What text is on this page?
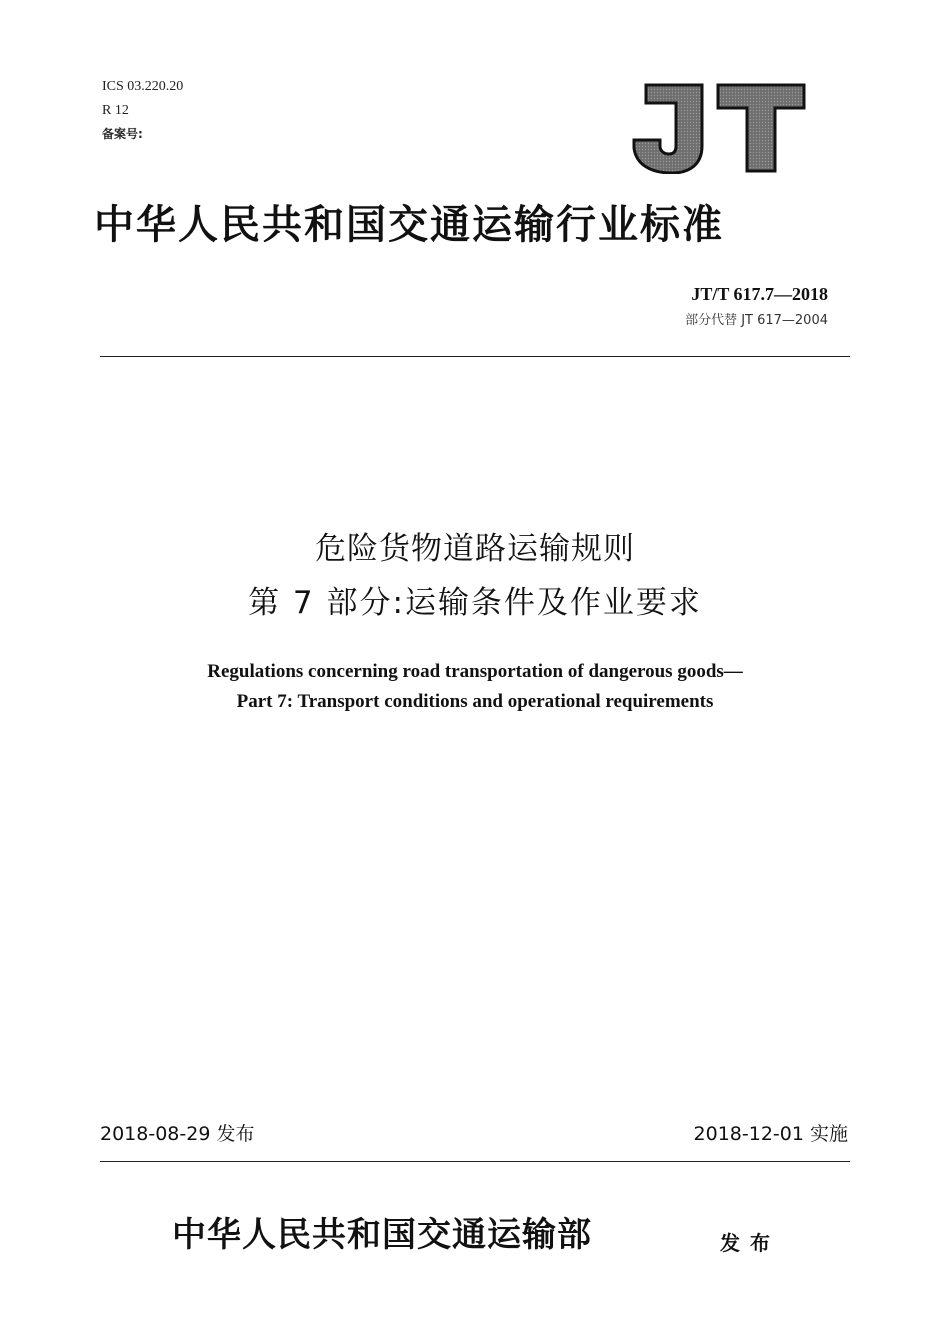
ICS 03.220.20
R 12
备案号:
中华人民共和国交通运输行业标准
JT/T 617.7—2018
部分代替 JT 617—2004
危险货物道路运输规则
第 7 部分:运输条件及作业要求
Regulations concerning road transportation of dangerous goods—
Part 7: Transport conditions and operational requirements
2018-08-29 发布	2018-12-01 实施
中华人民共和国交通运输部	发布
